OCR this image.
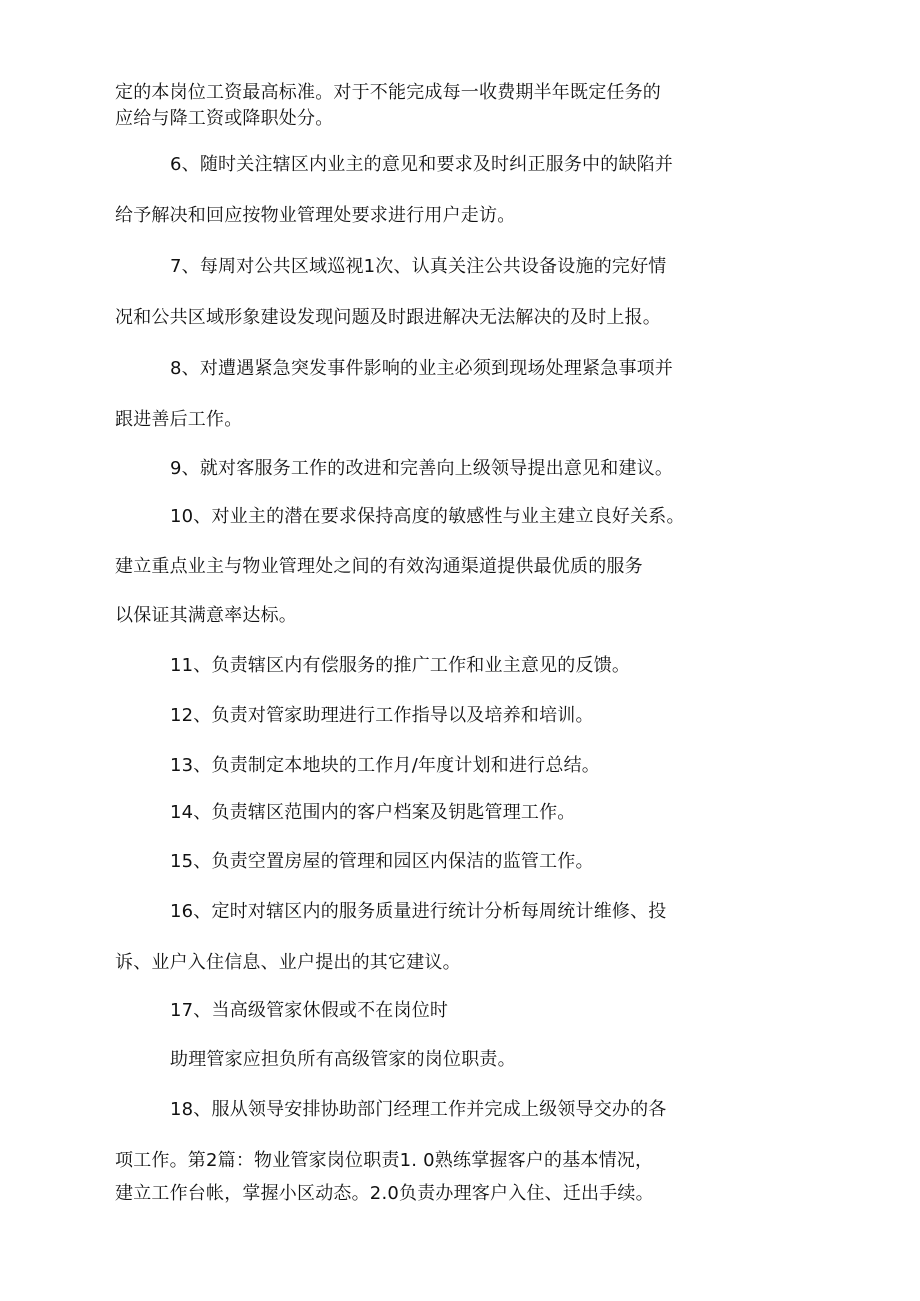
定的本岗位工资最高标准。对于不能完成每一收费期半年既定任务的

应给与降工资或降职处分。

6、随时关注辖区内业主的意见和要求及时纠正服务中的缺陷并

给予解决和回应按物业管理处要求进行用户走访。

7、每周对公共区域巡视1次、认真关注公共设备设施的完好情

况和公共区域形象建设发现问题及时跟进解决无法解决的及时上报。

8、对遭遇紧急突发事件影响的业主必须到现场处理紧急事项并

跟进善后工作。

9、就对客服务工作的改进和完善向上级领导提出意见和建议。

10、对业主的潜在要求保持高度的敏感性与业主建立良好关系。

建立重点业主与物业管理处之间的有效沟通渠道提供最优质的服务

以保证其满意率达标。

11、负责辖区内有偿服务的推广工作和业主意见的反馈。

12、负责对管家助理进行工作指导以及培养和培训。

13、负责制定本地块的工作月/年度计划和进行总结。

14、负责辖区范围内的客户档案及钥匙管理工作。

15、负责空置房屋的管理和园区内保洁的监管工作。

16、定时对辖区内的服务质量进行统计分析每周统计维修、投

诉、业户入住信息、业户提出的其它建议。

17、当高级管家休假或不在岗位时

助理管家应担负所有高级管家的岗位职责。

18、服从领导安排协助部门经理工作并完成上级领导交办的各

项工作。第2篇：物业管家岗位职责1. 0熟练掌握客户的基本情况，

建立工作台帐，掌握小区动态。2.0负责办理客户入住、迁出手续。
